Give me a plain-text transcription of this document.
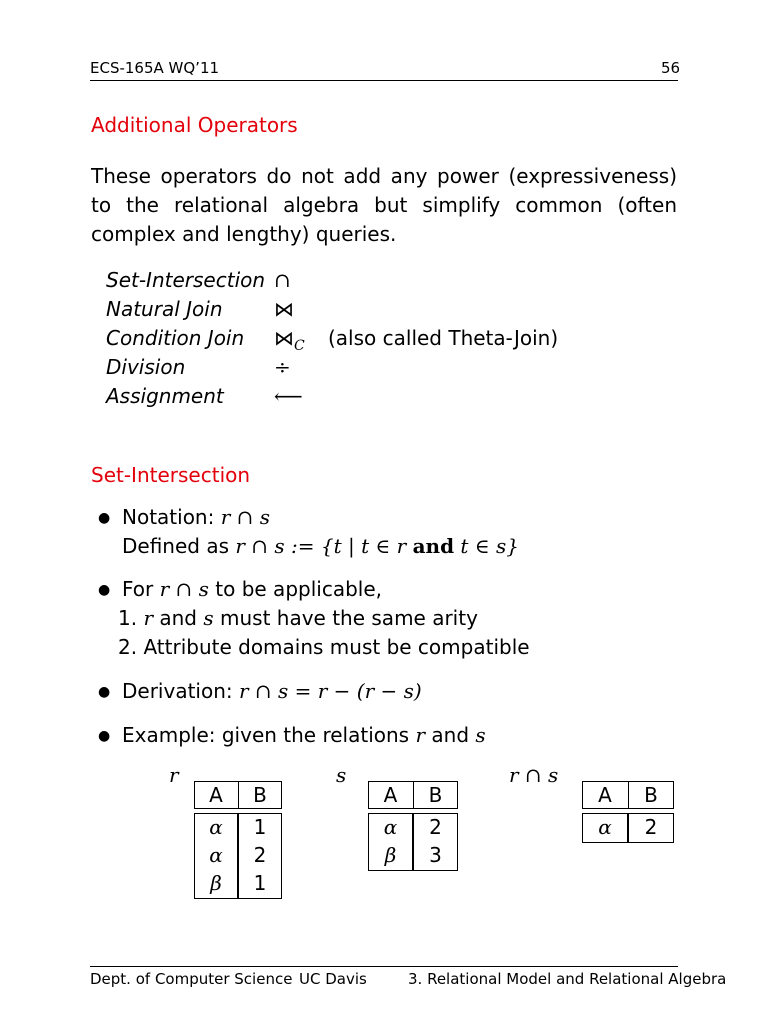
ECS-165A WQ’11	56
Additional Operators
These operators do not add any power (expressiveness) to the relational algebra but simplify common (often complex and lengthy) queries.
Set-Intersection ∩
Natural Join	⋈
Condition Join $⋈_C$ (also called Theta-Join)
Division	÷
Assignment	⟵
Set-Intersection
● Notation: r ∩ s
Defined as r ∩ s := {t | t ∈ r and t ∈ s}
● For r ∩ s to be applicable,
1. r and s must have the same arity
2. Attribute domains must be compatible
● Derivation: r ∩ s = r − (r − s)
● Example: given the relations r and s
r
A	B
α	1
α	2
β	1
s
A	B
α	2
β	3
r ∩ s
A	B
α	2
Dept. of Computer Science UC Davis	3. Relational Model and Relational Algebra
